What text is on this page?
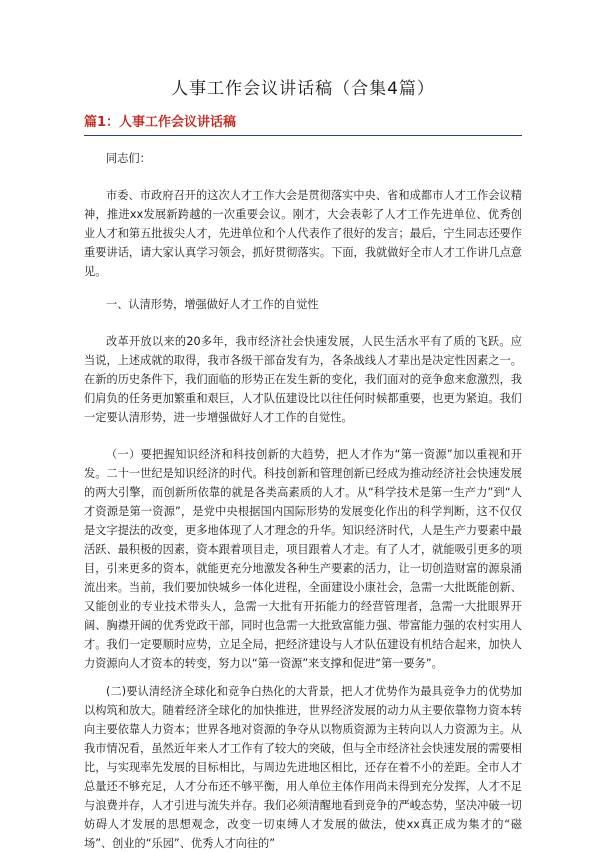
人事工作会议讲话稿（合集4篇）
篇1：人事工作会议讲话稿

同志们：

市委、市政府召开的这次人才工作大会是贯彻落实中央、省和成都市人才工作会议精神，推进xx发展新跨越的一次重要会议。刚才，大会表彰了人才工作先进单位、优秀创业人才和第五批拔尖人才，先进单位和个人代表作了很好的发言；最后，宁生同志还要作重要讲话，请大家认真学习领会，抓好贯彻落实。下面，我就做好全市人才工作讲几点意见。

一、认清形势，增强做好人才工作的自觉性

改革开放以来的20多年，我市经济社会快速发展，人民生活水平有了质的飞跃。应当说，上述成就的取得，我市各级干部奋发有为，各条战线人才辈出是决定性因素之一。在新的历史条件下，我们面临的形势正在发生新的变化，我们面对的竞争愈来愈激烈，我们肩负的任务更加繁重和艰巨，人才队伍建设比以往任何时候都重要，也更为紧迫。我们一定要认清形势，进一步增强做好人才工作的自觉性。

（一）要把握知识经济和科技创新的大趋势，把人才作为“第一资源”加以重视和开发。二十一世纪是知识经济的时代。科技创新和管理创新已经成为推动经济社会快速发展的两大引擎，而创新所依靠的就是各类高素质的人才。从“科学技术是第一生产力”到“人才资源是第一资源”，是党中央根据国内国际形势的发展变化作出的科学判断，这不仅仅是文字提法的改变，更多地体现了人才理念的升华。知识经济时代，人是生产力要素中最活跃、最积极的因素，资本跟着项目走，项目跟着人才走。有了人才，就能吸引更多的项目，引来更多的资本，就能更充分地激发各种生产要素的活力，让一切创造财富的源泉涌流出来。当前，我们要加快城乡一体化进程，全面建设小康社会，急需一大批既能创新、又能创业的专业技术带头人，急需一大批有开拓能力的经营管理者，急需一大批眼界开阔、胸襟开阔的优秀党政干部，同时也急需一大批致富能力强、带富能力强的农村实用人才。我们一定要顺时应势，立足全局，把经济建设与人才队伍建设有机结合起来，加快人力资源向人才资本的转变，努力以“第一资源”来支撑和促进“第一要务”。

(二)要认清经济全球化和竞争白热化的大背景，把人才优势作为最具竞争力的优势加以构筑和放大。随着经济全球化的加快推进，世界经济发展的动力从主要依靠物力资本转向主要依靠人力资本；世界各地对资源的争夺从以物质资源为主转向以人力资源为主。从我市情况看，虽然近年来人才工作有了较大的突破，但与全市经济社会快速发展的需要相比，与实现率先发展的目标相比，与周边先进地区相比，还存在着不小的差距。全市人才总量还不够充足，人才分布还不够平衡，用人单位主体作用尚未得到充分发挥，人才不足与浪费并存，人才引进与流失并存。我们必须清醒地看到竞争的严峻态势，坚决冲破一切妨碍人才发展的思想观念，改变一切束缚人才发展的做法，使xx真正成为集才的“磁场”、创业的“乐园”、优秀人才向往的”
